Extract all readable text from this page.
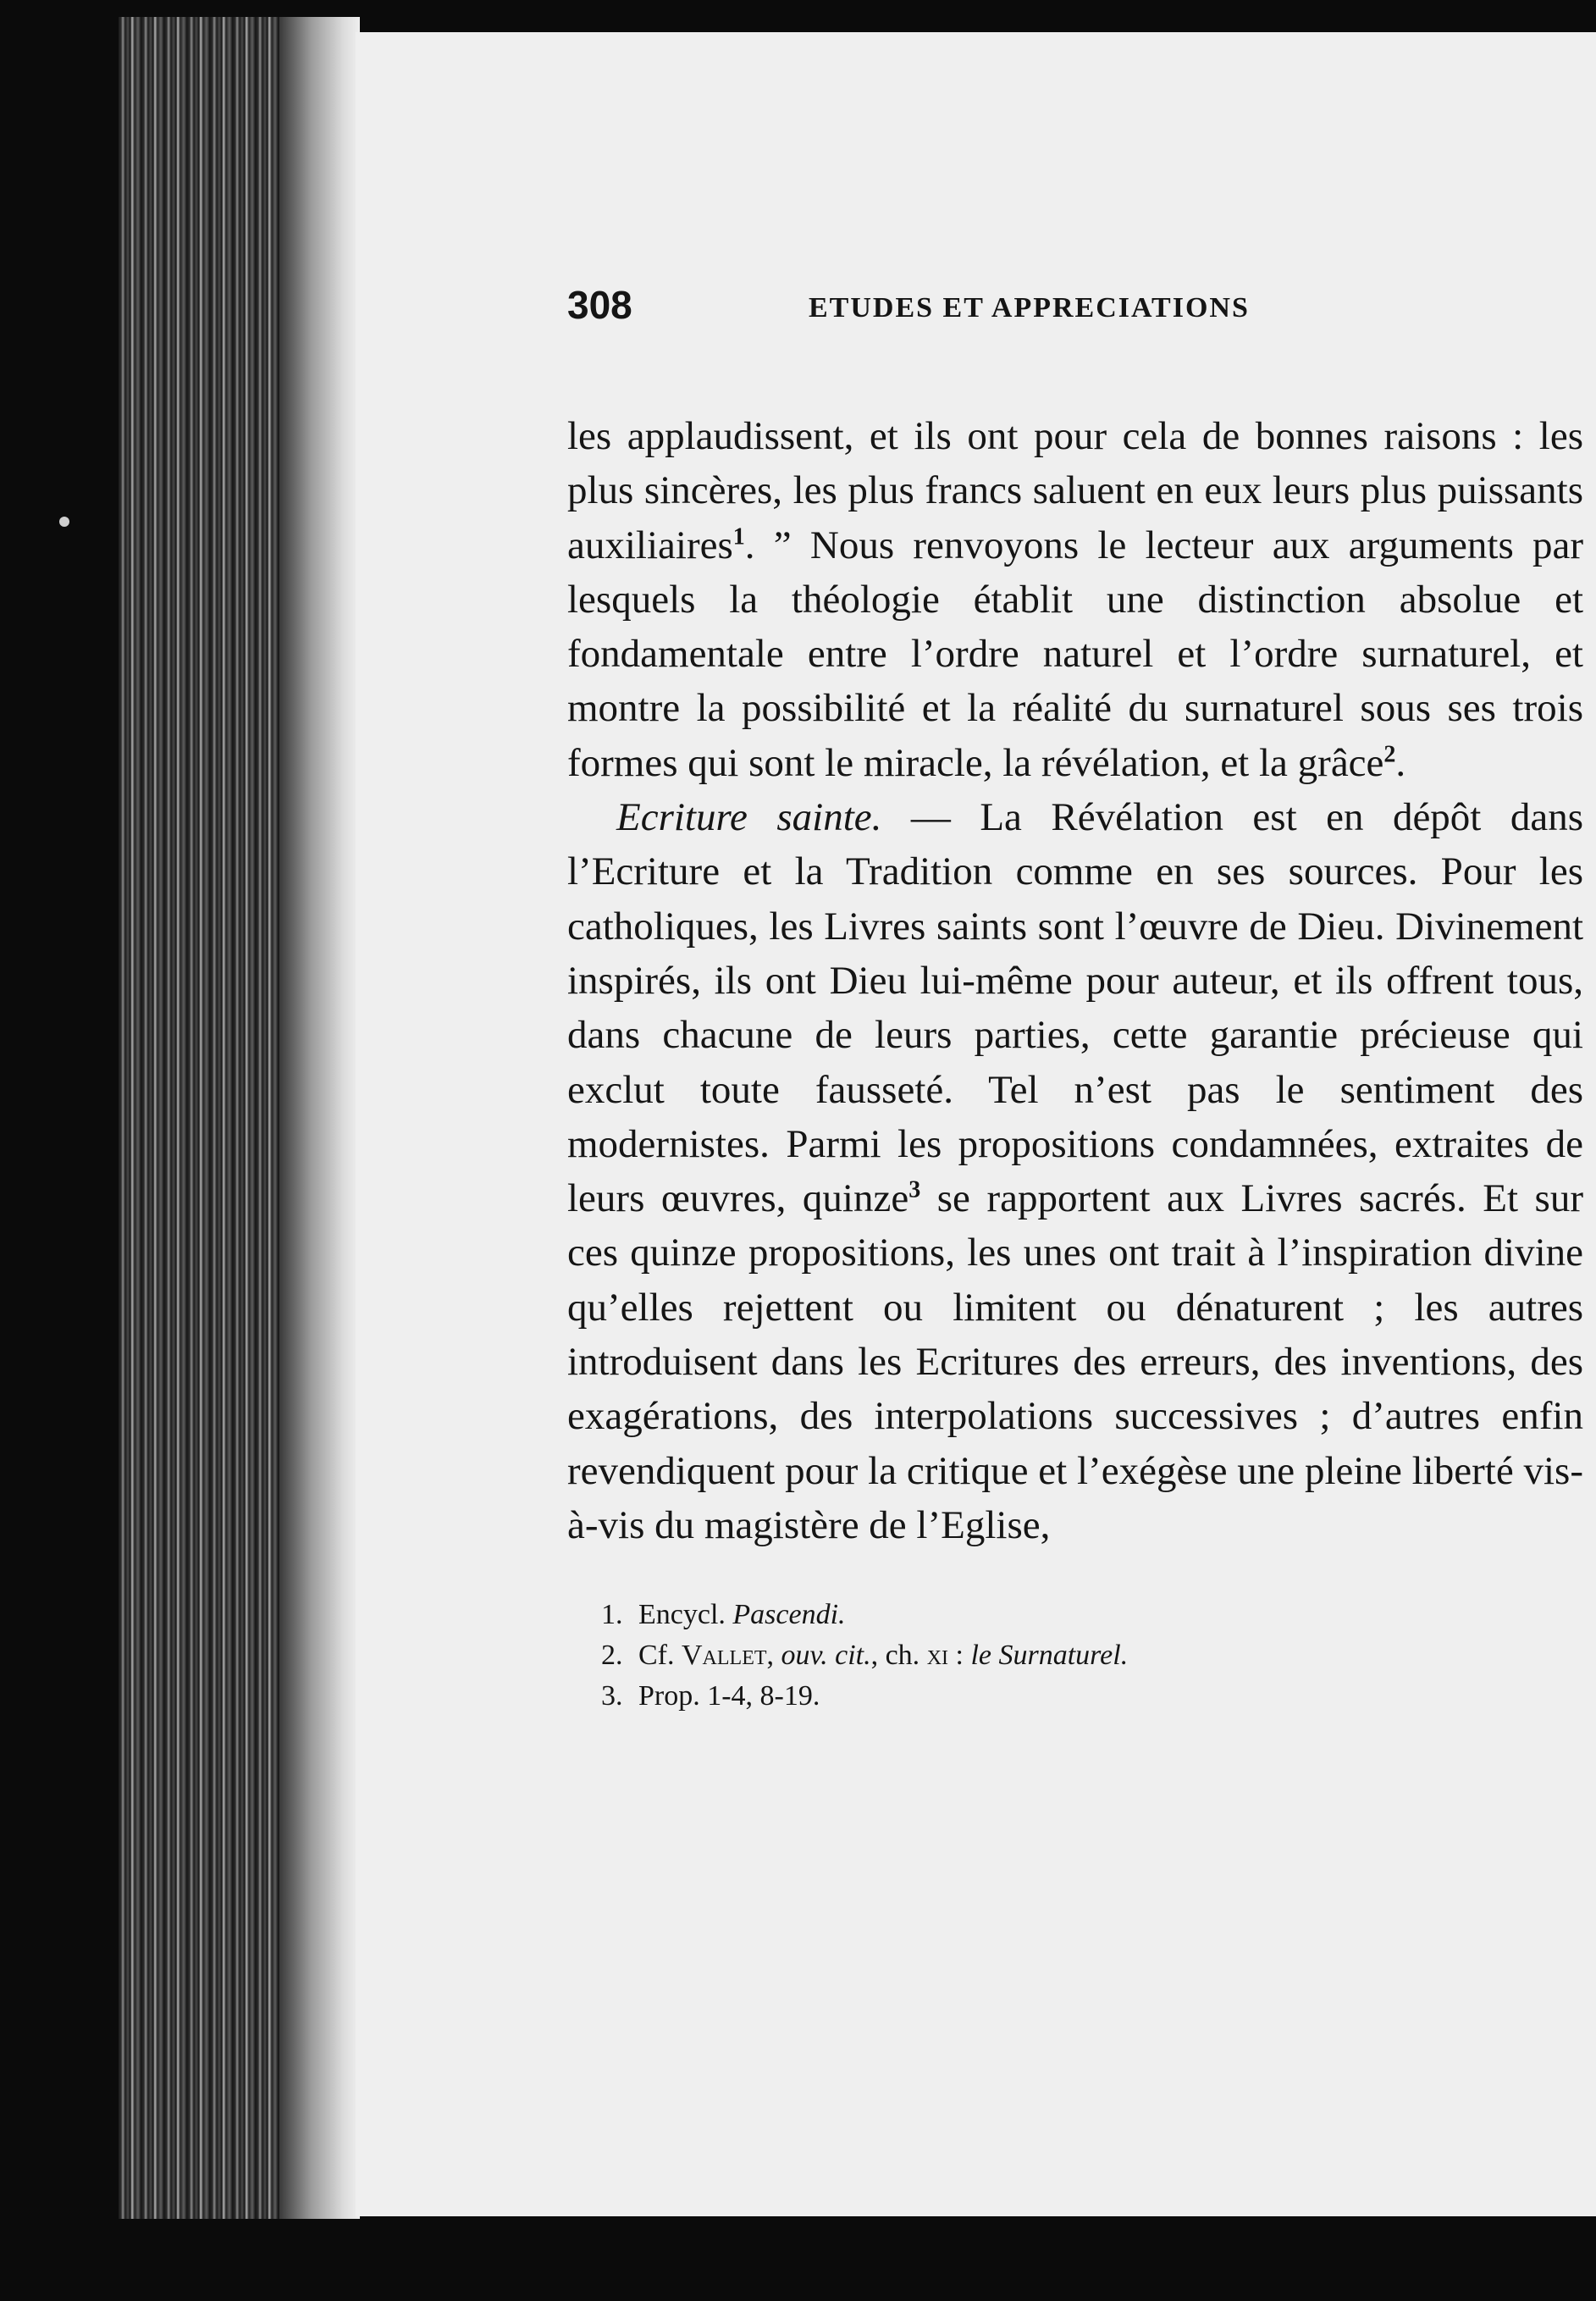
308	ETUDES ET APPRECIATIONS

les applaudissent, et ils ont pour cela de bonnes raisons : les plus sincères, les plus francs saluent en eux leurs plus puissants auxiliaires$^1$. ” Nous renvoyons le lecteur aux arguments par lesquels la théologie établit une distinction absolue et fondamentale entre l’ordre naturel et l’ordre surnaturel, et montre la possibilité et la réalité du surnaturel sous ses trois formes qui sont le miracle, la révélation, et la grâce$^2$.

Ecriture sainte. — La Révélation est en dépôt dans l’Ecriture et la Tradition comme en ses sources. Pour les catholiques, les Livres saints sont l’œuvre de Dieu. Divinement inspirés, ils ont Dieu lui-même pour auteur, et ils offrent tous, dans chacune de leurs parties, cette garantie précieuse qui exclut toute fausseté. Tel n’est pas le sentiment des modernistes. Parmi les propositions condamnées, extraites de leurs œuvres, quinze$^3$ se rapportent aux Livres sacrés. Et sur ces quinze propositions, les unes ont trait à l’inspiration divine qu’elles rejettent ou limitent ou dénaturent ; les autres introduisent dans les Ecritures des erreurs, des inventions, des exagérations, des interpolations successives ; d’autres enfin revendiquent pour la critique et l’exégèse une pleine liberté vis-à-vis du magistère de l’Eglise,

1. Encycl. Pascendi.
2. Cf. Vallet, ouv. cit., ch. xi : le Surnaturel.
3. Prop. 1-4, 8-19.
